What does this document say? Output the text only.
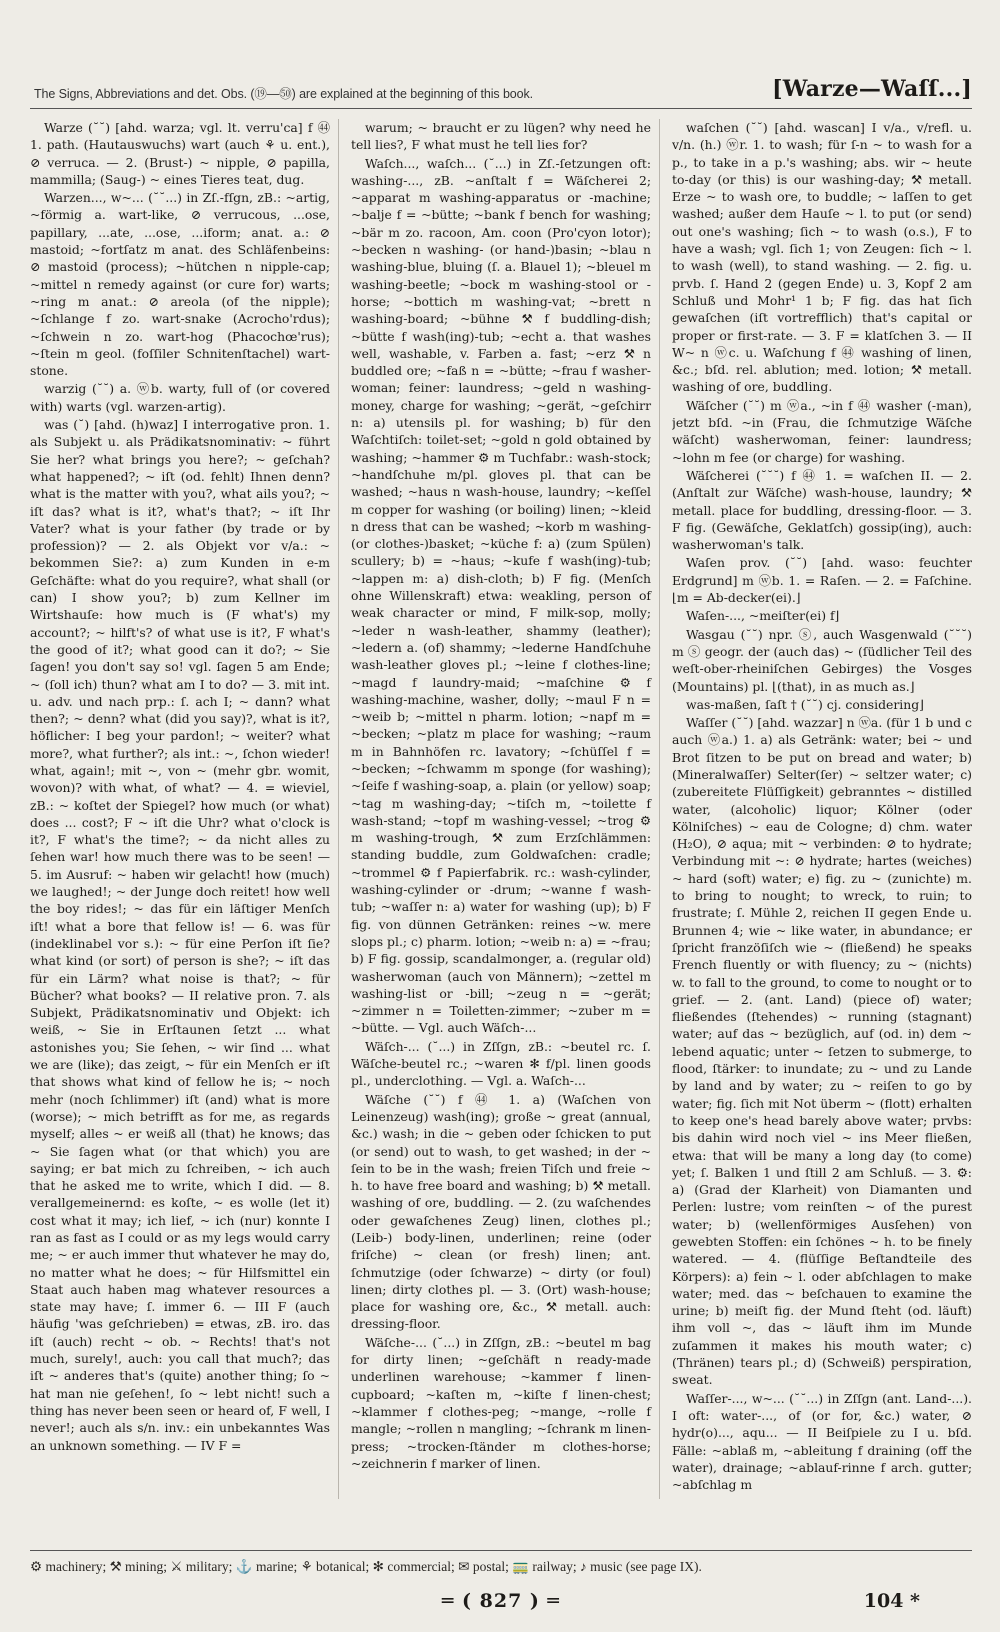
The Signs, Abbreviations and det. Obs. (⑲—㊿) are explained at the beginning of this book.	[Warze—Waſſ...]

Warze (˘˘) [ahd. warza; vgl. lt. verru'ca] f ㊹ 1. path. (Hautauswuchs) wart (auch ⚘ u. ent.), ⊘ verruca. — 2. (Brust-) ~ nipple, ⊘ papilla, mammilla; (Saug-) ~ eines Tieres teat, dug.

Warzen..., w~... (˘˘...) in Zſ.-fſgn, zB.: ~artig, ~förmig a. wart-like, ⊘ verrucous, ...ose, papillary, ...ate, ...ose, ...iform; anat. a.: ⊘ mastoid; ~fortſatz m anat. des Schläfenbeins: ⊘ mastoid (process); ~hütchen n nipple-cap; ~mittel n remedy against (or cure for) warts; ~ring m anat.: ⊘ areola (of the nipple); ~ſchlange f zo. wart-snake (Acrocho'rdus); ~ſchwein n zo. wart-hog (Phacochœ'rus); ~ſtein m geol. (foſſiler Schnitenſtachel) wart-stone.

warzig (˘˘) a. ⓦb. warty, full of (or covered with) warts (vgl. warzen-artig).

was (˘) [ahd. (h)waz] I interrogative pron. 1. als Subjekt u. als Prädikatsnominativ: ~ führt Sie her? what brings you here?; ~ geſchah? what happened?; ~ iſt (od. fehlt) Ihnen denn? what is the matter with you?, what ails you?; ~ iſt das? what is it?, what's that?; ~ iſt Ihr Vater? what is your father (by trade or by profession)? — 2. als Objekt vor v/a.: ~ bekommen Sie?: a) zum Kunden in e-m Geſchäfte: what do you require?, what shall (or can) I show you?; b) zum Kellner im Wirtshauſe: how much is (F what's) my account?; ~ hilft's? of what use is it?, F what's the good of it?; what good can it do?; ~ Sie ſagen! you don't say so! vgl. ſagen 5 am Ende; ~ (ſoll ich) thun? what am I to do? — 3. mit int. u. adv. und nach prp.: ſ. ach I; ~ dann? what then?; ~ denn? what (did you say)?, what is it?, höflicher: I beg your pardon!; ~ weiter? what more?, what further?; als int.: ~, ſchon wieder! what, again!; mit ~, von ~ (mehr gbr. womit, wovon)? with what, of what? — 4. = wieviel, zB.: ~ koſtet der Spiegel? how much (or what) does ... cost?; F ~ iſt die Uhr? what o'clock is it?, F what's the time?; ~ da nicht alles zu ſehen war! how much there was to be seen! — 5. im Ausruf: ~ haben wir gelacht! how (much) we laughed!; ~ der Junge doch reitet! how well the boy rides!; ~ das für ein läſtiger Menſch iſt! what a bore that fellow is! — 6. was für (indeklinabel vor s.): ~ für eine Perſon iſt ſie? what kind (or sort) of person is she?; ~ iſt das für ein Lärm? what noise is that?; ~ für Bücher? what books? — II relative pron. 7. als Subjekt, Prädikatsnominativ und Objekt: ich weiß, ~ Sie in Erſtaunen ſetzt ... what astonishes you; Sie ſehen, ~ wir ſind ... what we are (like); das zeigt, ~ für ein Menſch er iſt that shows what kind of fellow he is; ~ noch mehr (noch ſchlimmer) iſt (and) what is more (worse); ~ mich betrifft as for me, as regards myself; alles ~ er weiß all (that) he knows; das ~ Sie ſagen what (or that which) you are saying; er bat mich zu ſchreiben, ~ ich auch that he asked me to write, which I did. — 8. verallgemeinernd: es koſte, ~ es wolle (let it) cost what it may; ich lief, ~ ich (nur) konnte I ran as fast as I could or as my legs would carry me; ~ er auch immer thut whatever he may do, no matter what he does; ~ für Hilfsmittel ein Staat auch haben mag whatever resources a state may have; ſ. immer 6. — III F (auch häufig 'was geſchrieben) = etwas, zB. iro. das iſt (auch) recht ~ ob. ~ Rechts! that's not much, surely!, auch: you call that much?; das iſt ~ anderes that's (quite) another thing; ſo ~ hat man nie geſehen!, ſo ~ lebt nicht! such a thing has never been seen or heard of, F well, I never!; auch als s/n. inv.: ein unbekanntes Was an unknown something. — IV F =

warum; ~ braucht er zu lügen? why need he tell lies?, F what must he tell lies for?

Waſch..., waſch... (˘...) in Zſ.-ſetzungen oft: washing-..., zB. ~anſtalt f = Wäſcherei 2; ~apparat m washing-apparatus or -machine; ~balje f = ~bütte; ~bank f bench for washing; ~bär m zo. racoon, Am. coon (Pro'cyon lotor); ~becken n washing- (or hand-)basin; ~blau n washing-blue, bluing (ſ. a. Blauel 1); ~bleuel m washing-beetle; ~bock m washing-stool or -horse; ~bottich m washing-vat; ~brett n washing-board; ~bühne ⚒ f buddling-dish; ~bütte f wash(ing)-tub; ~echt a. that washes well, washable, v. Farben a. fast; ~erz ⚒ n buddled ore; ~faß n = ~bütte; ~frau f washer-woman; feiner: laundress; ~geld n washing-money, charge for washing; ~gerät, ~geſchirr n: a) utensils pl. for washing; b) für den Waſchtiſch: toilet-set; ~gold n gold obtained by washing; ~hammer ⚙ m Tuchfabr.: wash-stock; ~handſchuhe m/pl. gloves pl. that can be washed; ~haus n wash-house, laundry; ~keſſel m copper for washing (or boiling) linen; ~kleid n dress that can be washed; ~korb m washing- (or clothes-)basket; ~küche f: a) (zum Spülen) scullery; b) = ~haus; ~kufe f wash(ing)-tub; ~lappen m: a) dish-cloth; b) F fig. (Menſch ohne Willenskraft) etwa: weakling, person of weak character or mind, F milk-sop, molly; ~leder n wash-leather, shammy (leather); ~ledern a. (of) shammy; ~lederne Handſchuhe wash-leather gloves pl.; ~leine f clothes-line; ~magd f laundry-maid; ~maſchine ⚙ f washing-machine, washer, dolly; ~maul F n = ~weib b; ~mittel n pharm. lotion; ~napf m = ~becken; ~platz m place for washing; ~raum m in Bahnhöfen rc. lavatory; ~ſchüſſel f = ~becken; ~ſchwamm m sponge (for washing); ~ſeife f washing-soap, a. plain (or yellow) soap; ~tag m washing-day; ~tiſch m, ~toilette f wash-stand; ~topf m washing-vessel; ~trog ⚙ m washing-trough, ⚒ zum Erzſchlämmen: standing buddle, zum Goldwaſchen: cradle; ~trommel ⚙ f Papierfabrik. rc.: wash-cylinder, washing-cylinder or -drum; ~wanne f wash-tub; ~waſſer n: a) water for washing (up); b) F fig. von dünnen Getränken: reines ~w. mere slops pl.; c) pharm. lotion; ~weib n: a) = ~frau; b) F fig. gossip, scandalmonger, a. (regular old) washerwoman (auch von Männern); ~zettel m washing-list or -bill; ~zeug n = ~gerät; ~zimmer n = Toiletten-zimmer; ~zuber m = ~bütte. — Vgl. auch Wäſch-...

Wäſch-... (˘...) in Zſſgn, zB.: ~beutel rc. ſ. Wäſche-beutel rc.; ~waren ✻ f/pl. linen goods pl., underclothing. — Vgl. a. Waſch-...

Wäſche (˘˘) f ㊹ 1. a) (Waſchen von Leinenzeug) wash(ing); große ~ great (annual, &c.) wash; in die ~ geben oder ſchicken to put (or send) out to wash, to get washed; in der ~ ſein to be in the wash; freien Tiſch und freie ~ h. to have free board and washing; b) ⚒ metall. washing of ore, buddling. — 2. (zu waſchendes oder gewaſchenes Zeug) linen, clothes pl.; (Leib-) body-linen, underlinen; reine (oder friſche) ~ clean (or fresh) linen; ant. ſchmutzige (oder ſchwarze) ~ dirty (or foul) linen; dirty clothes pl. — 3. (Ort) wash-house; place for washing ore, &c., ⚒ metall. auch: dressing-floor.

Wäſche-... (˘...) in Zſſgn, zB.: ~beutel m bag for dirty linen; ~geſchäft n ready-made underlinen warehouse; ~kammer f linen-cupboard; ~kaſten m, ~kiſte f linen-chest; ~klammer f clothes-peg; ~mange, ~rolle f mangle; ~rollen n mangling; ~ſchrank m linen-press; ~trocken-ſtänder m clothes-horse; ~zeichnerin f marker of linen.

waſchen (˘˘) [ahd. wascan] I v/a., v/refl. u. v/n. (h.) ⓦr. 1. to wash; für ſ-n ~ to wash for a p., to take in a p.'s washing; abs. wir ~ heute to-day (or this) is our washing-day; ⚒ metall. Erze ~ to wash ore, to buddle; ~ laſſen to get washed; außer dem Hauſe ~ l. to put (or send) out one's washing; ſich ~ to wash (o.s.), F to have a wash; vgl. ſich 1; von Zeugen: ſich ~ l. to wash (well), to stand washing. — 2. fig. u. prvb. ſ. Hand 2 (gegen Ende) u. 3, Kopf 2 am Schluß und Mohr¹ 1 b; F fig. das hat ſich gewaſchen (iſt vortrefflich) that's capital or proper or first-rate. — 3. F = klatſchen 3. — II W~ n ⓦc. u. Waſchung f ㊹ washing of linen, &c.; bſd. rel. ablution; med. lotion; ⚒ metall. washing of ore, buddling.

Wäſcher (˘˘) m ⓦa., ~in f ㊹ washer (-man), jetzt bſd. ~in (Frau, die ſchmutzige Wäſche wäſcht) washerwoman, feiner: laundress; ~lohn m fee (or charge) for washing.

Wäſcherei (˘˘˘) f ㊹ 1. = waſchen II. — 2. (Anſtalt zur Wäſche) wash-house, laundry; ⚒ metall. place for buddling, dressing-floor. — 3. F fig. (Gewäſche, Geklatſch) gossip(ing), auch: washerwoman's talk.

Waſen prov. (˘˘) [ahd. waso: feuchter Erdgrund] m ⓦb. 1. = Raſen. — 2. = Faſchine. ⌊m = Ab-decker(ei).⌋

Waſen-..., ~meiſter(ei) f⌋

Wasgau (˘˘) npr. ⓢ, auch Wasgenwald (˘˘˘) m ⓢ geogr. der (auch das) ~ (ſüdlicher Teil des weſt-ober-rheiniſchen Gebirges) the Vosges (Mountains) pl. ⌊(that), in as much as.⌋

was-maßen, ſaſt † (˘˘) cj. considering⌋

Waſſer (˘˘) [ahd. wazzar] n ⓦa. (für 1 b und c auch ⓦa.) 1. a) als Getränk: water; bei ~ und Brot ſitzen to be put on bread and water; b) (Mineralwaſſer) Selter(ſer) ~ seltzer water; c) (zubereitete Flüſſigkeit) gebranntes ~ distilled water, (alcoholic) liquor; Kölner (oder Kölniſches) ~ eau de Cologne; d) chm. water (H₂O), ⊘ aqua; mit ~ verbinden: ⊘ to hydrate; Verbindung mit ~: ⊘ hydrate; hartes (weiches) ~ hard (soft) water; e) fig. zu ~ (zunichte) m. to bring to nought; to wreck, to ruin; to frustrate; ſ. Mühle 2, reichen II gegen Ende u. Brunnen 4; wie ~ like water, in abundance; er ſpricht franzöſiſch wie ~ (fließend) he speaks French fluently or with fluency; zu ~ (nichts) w. to fall to the ground, to come to nought or to grief. — 2. (ant. Land) (piece of) water; fließendes (ſtehendes) ~ running (stagnant) water; auf das ~ bezüglich, auf (od. in) dem ~ lebend aquatic; unter ~ ſetzen to submerge, to flood, ſtärker: to inundate; zu ~ und zu Lande by land and by water; zu ~ reiſen to go by water; fig. ſich mit Not überm ~ (flott) erhalten to keep one's head barely above water; prvbs: bis dahin wird noch viel ~ ins Meer fließen, etwa: that will be many a long day (to come) yet; ſ. Balken 1 und ſtill 2 am Schluß. — 3. ⚙: a) (Grad der Klarheit) von Diamanten und Perlen: lustre; vom reinſten ~ of the purest water; b) (wellenförmiges Ausſehen) von gewebten Stoffen: ein ſchönes ~ h. to be finely watered. — 4. (flüſſige Beſtandteile des Körpers): a) fein ~ l. oder abſchlagen to make water; med. das ~ beſchauen to examine the urine; b) meiſt fig. der Mund ſteht (od. läuft) ihm voll ~, das ~ läuft ihm im Munde zuſammen it makes his mouth water; c) (Thränen) tears pl.; d) (Schweiß) perspiration, sweat.

Waſſer-..., w~... (˘˘...) in Zſſgn (ant. Land-...). I oft: water-..., of (or for, &c.) water, ⊘ hydr(o)..., aqu... — II Beiſpiele zu I u. bſd. Fälle: ~ablaß m, ~ableitung f draining (off the water), drainage; ~ablauf-rinne f arch. gutter; ~abſchlag m

⚙ machinery; ⚒ mining; ⚔ military; ⚓ marine; ⚘ botanical; ✻ commercial; ✉ postal; 🚃 railway; ♪ music (see page IX).
═ ( 827 ) ═	104 *
